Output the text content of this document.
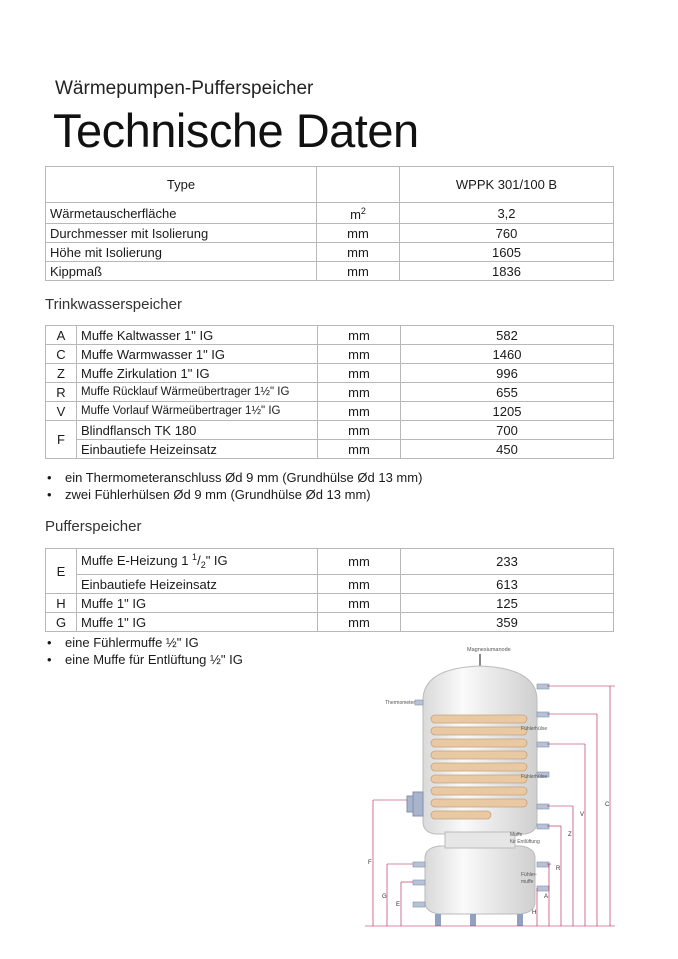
Wärmepumpen-Pufferspeicher
Technische Daten
Type		WPPK 301/100 B
Wärmetauscherfläche	$m^2$	3,2
Durchmesser mit Isolierung	mm	760
Höhe mit Isolierung	mm	1605
Kippmaß	mm	1836
Trinkwasserspeicher
A	Muffe Kaltwasser 1" IG	mm	582
C	Muffe Warmwasser 1" IG	mm	1460
Z	Muffe Zirkulation 1" IG	mm	996
R	Muffe Rücklauf Wärmeübertrager 1½" IG	mm	655
V	Muffe Vorlauf Wärmeübertrager 1½" IG	mm	1205
F	Blindflansch TK 180	mm	700
	Einbautiefe Heizeinsatz	mm	450
• ein Thermometeranschluss Ød 9 mm (Grundhülse Ød 13 mm)
• zwei Fühlerhülsen Ød 9 mm (Grundhülse Ød 13 mm)
Pufferspeicher
E	Muffe E-Heizung 1 $^1/_2$" IG	mm	233
	Einbautiefe Heizeinsatz	mm	613
H	Muffe 1" IG	mm	125
G	Muffe 1" IG	mm	359
• eine Fühlermuffe ½" IG
• eine Muffe für Entlüftung ½" IG
Magnesiumanode
Thermometer
Fühlerhülse
Fühlerhülse
Muffe
für Entlüftung
Fühler-
muffe
F
G
E
H
A
R
Z
V
C
